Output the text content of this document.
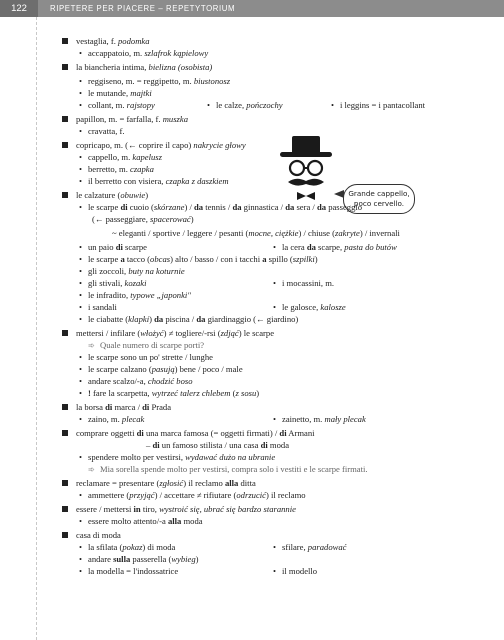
122	RIPETERE PER PIACERE – REPETYTORIUM
Grande cappello,
poco cervello.
vestaglia, f. podomka
• accappatoio, m. szlafrok kąpielowy
la biancheria intima, bielizna (osobista)
• reggiseno, m. = reggipetto, m. biustonosz
• le mutande, majtki
• collant, m. rajstopy	• le calze, pończochy	• i leggins = i pantacollant
papillon, m. = farfalla, f. muszka
• cravatta, f.
copricapo, m. (← coprire il capo) nakrycie głowy
• cappello, m. kapelusz
• berretto, m. czapka
• il berretto con visiera, czapka z daszkiem
le calzature (obuwie)
• le scarpe di cuoio (skórzane) / da tennis / da ginnastica / da sera / da passeggio
(← passeggiare, spacerować)
~ eleganti / sportive / leggere / pesanti (mocne, ciężkie) / chiuse (zakryte) / invernali
• un paio di scarpe	• la cera da scarpe, pasta do butów
• le scarpe a tacco (obcas) alto / basso / con i tacchi a spillo (szpilki)
• gli zoccoli, buty na koturnie
• gli stivali, kozaki	• i mocassini, m.
• le infradito, typowe „japonki"
• i sandali	• le galosce, kalosze
• le ciabatte (klapki) da piscina / da giardinaggio (← giardino)
mettersi / infilare (włożyć) ≠ togliere/-rsi (zdjąć) le scarpe
➾ Quale numero di scarpe porti?
• le scarpe sono un po' strette / lunghe
• le scarpe calzano (pasują) bene / poco / male
• andare scalzo/-a, chodzić boso
• ! fare la scarpetta, wytrzeć talerz chlebem (z sosu)
la borsa di marca / di Prada
• zaino, m. plecak	• zainetto, m. mały plecak
comprare oggetti di una marca famosa (= oggetti firmati) / di Armani
– di un famoso stilista / una casa di moda
• spendere molto per vestirsi, wydawać dużo na ubranie
➾ Mia sorella spende molto per vestirsi, compra solo i vestiti e le scarpe firmati.
reclamare = presentare (zgłosić) il reclamo alla ditta
• ammettere (przyjąć) / accettare ≠ rifiutare (odrzucić) il reclamo
essere / mettersi in tiro, wystroić się, ubrać się bardzo starannie
• essere molto attento/-a alla moda
casa di moda
• la sfilata (pokaz) di moda	• sfilare, paradować
• andare sulla passerella (wybieg)
• la modella = l'indossatrice	• il modello
